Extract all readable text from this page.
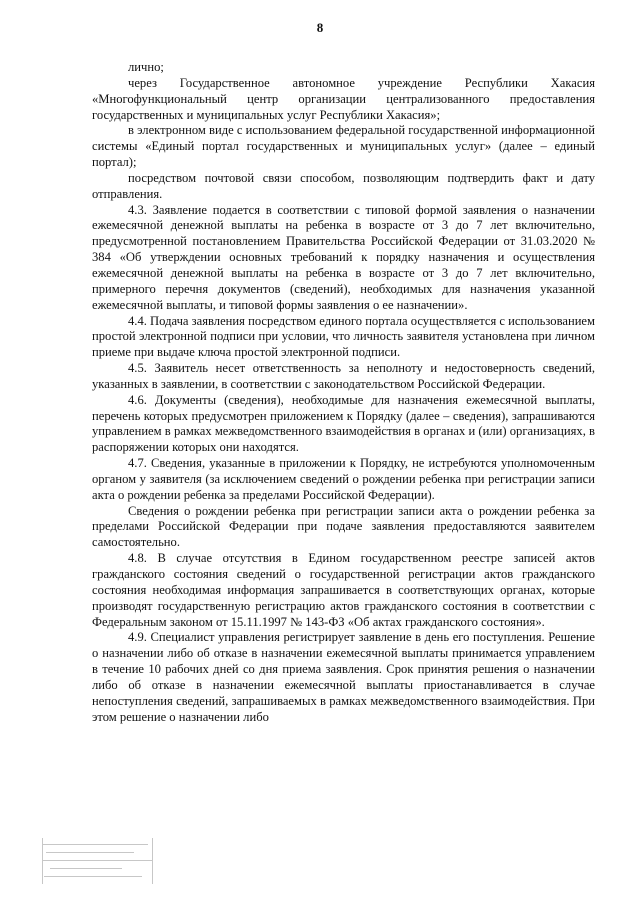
8

лично;

через Государственное автономное учреждение Республики Хакасия «Многофункциональный центр организации централизованного предоставления государственных и муниципальных услуг Республики Хакасия»;

в электронном виде с использованием федеральной государственной информационной системы «Единый портал государственных и муниципальных услуг» (далее – единый портал);

посредством почтовой связи способом, позволяющим подтвердить факт и дату отправления.

4.3. Заявление подается в соответствии с типовой формой заявления о назначении ежемесячной денежной выплаты на ребенка в возрасте от 3 до 7 лет включительно, предусмотренной постановлением Правительства Российской Федерации от 31.03.2020 № 384 «Об утверждении основных требований к порядку назначения и осуществления ежемесячной денежной выплаты на ребенка в возрасте от 3 до 7 лет включительно, примерного перечня документов (сведений), необходимых для назначения указанной ежемесячной выплаты, и типовой формы заявления о ее назначении».

4.4. Подача заявления посредством единого портала осуществляется с использованием простой электронной подписи при условии, что личность заявителя установлена при личном приеме при выдаче ключа простой электронной подписи.

4.5. Заявитель несет ответственность за неполноту и недостоверность сведений, указанных в заявлении, в соответствии с законодательством Российской Федерации.

4.6. Документы (сведения), необходимые для назначения ежемесячной выплаты, перечень которых предусмотрен приложением к Порядку (далее – сведения), запрашиваются управлением в рамках межведомственного взаимодействия в органах и (или) организациях, в распоряжении которых они находятся.

4.7. Сведения, указанные в приложении к Порядку, не истребуются уполномоченным органом у заявителя (за исключением сведений о рождении ребенка при регистрации записи акта о рождении ребенка за пределами Российской Федерации).

Сведения о рождении ребенка при регистрации записи акта о рождении ребенка за пределами Российской Федерации при подаче заявления предоставляются заявителем самостоятельно.

4.8. В случае отсутствия в Едином государственном реестре записей актов гражданского состояния сведений о государственной регистрации актов гражданского состояния необходимая информация запрашивается в соответствующих органах, которые производят государственную регистрацию актов гражданского состояния в соответствии с Федеральным законом от 15.11.1997 № 143-ФЗ «Об актах гражданского состояния».

4.9. Специалист управления регистрирует заявление в день его поступления. Решение о назначении либо об отказе в назначении ежемесячной выплаты принимается управлением в течение 10 рабочих дней со дня приема заявления. Срок принятия решения о назначении либо об отказе в назначении ежемесячной выплаты приостанавливается в случае непоступления сведений, запрашиваемых в рамках межведомственного взаимодействия. При этом решение о назначении либо
